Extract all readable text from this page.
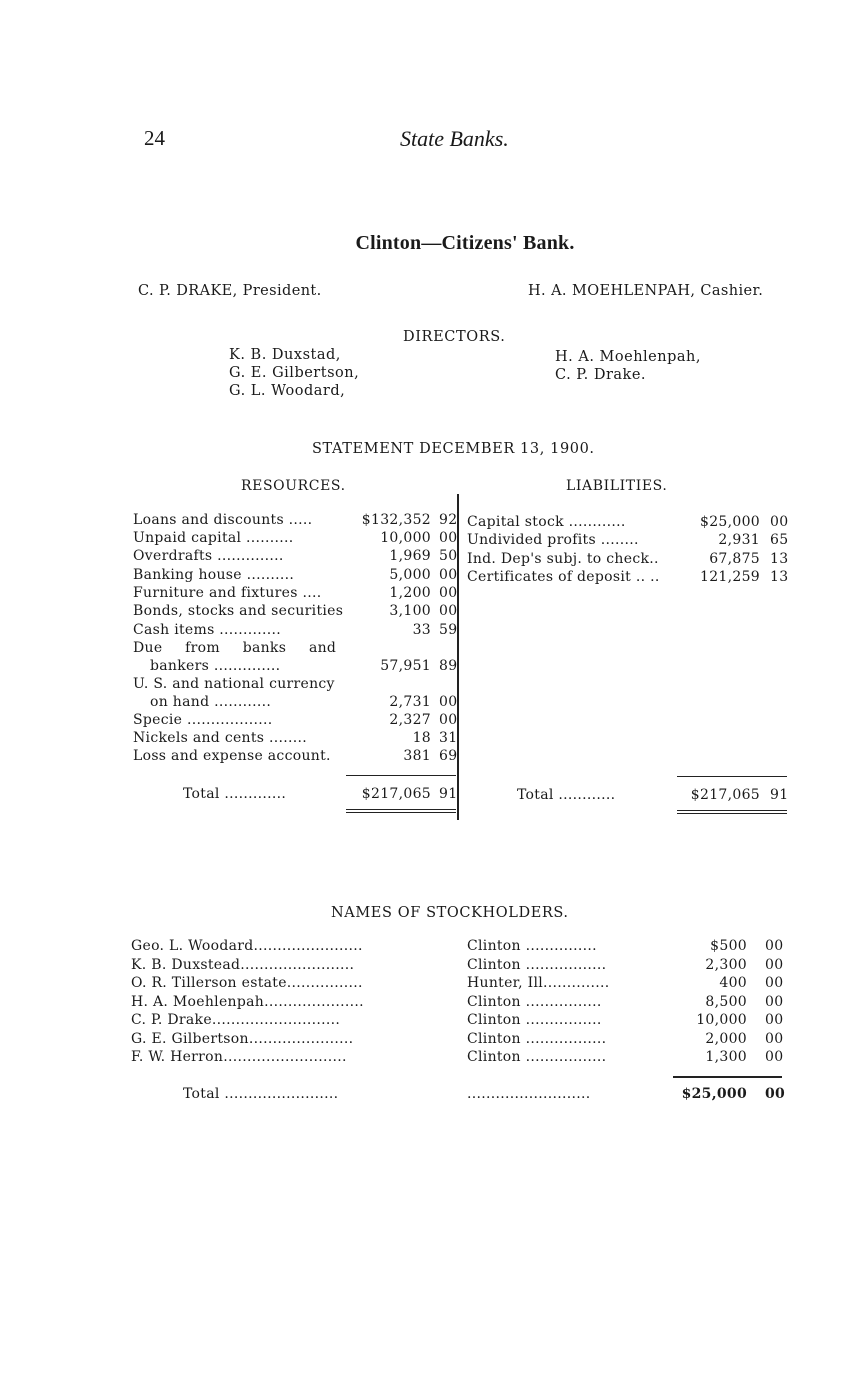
24	State Banks.
Clinton—Citizens' Bank.
C. P. DRAKE, President.	H. A. MOEHLENPAH, Cashier.
DIRECTORS.
K. B. Duxstad,
G. E. Gilbertson,
G. L. Woodard,
H. A. Moehlenpah,
C. P. Drake.
STATEMENT DECEMBER 13, 1900.
RESOURCES.	LIABILITIES.
Loans and discounts .....	$132,352 92
Unpaid capital ..........	10,000 00
Overdrafts ..............	1,969 50
Banking house ..........	5,000 00
Furniture and fixtures ....	1,200 00
Bonds, stocks and securities	3,100 00
Cash items .............	33 59
Due from banks and
bankers ..............	57,951 89
U. S. and national currency
on hand ............	2,731 00
Specie ..................	2,327 00
Nickels and cents ........	18 31
Loss and expense account.	381 69
Total .............	$217,065 91
Capital stock ............	$25,000 00
Undivided profits ........	2,931 65
Ind. Dep's subj. to check..	67,875 13
Certificates of deposit .. ..	121,259 13
Total ............	$217,065 91
NAMES OF STOCKHOLDERS.
Geo. L. Woodard.......................	Clinton ...............	$500 00
K. B. Duxstead........................	Clinton .................	2,300 00
O. R. Tillerson estate................	Hunter, Ill..............	400 00
H. A. Moehlenpah.....................	Clinton ................	8,500 00
C. P. Drake...........................	Clinton ................	10,000 00
G. E. Gilbertson......................	Clinton .................	2,000 00
F. W. Herron..........................	Clinton .................	1,300 00
Total ........................	..........................	$25,000 00
